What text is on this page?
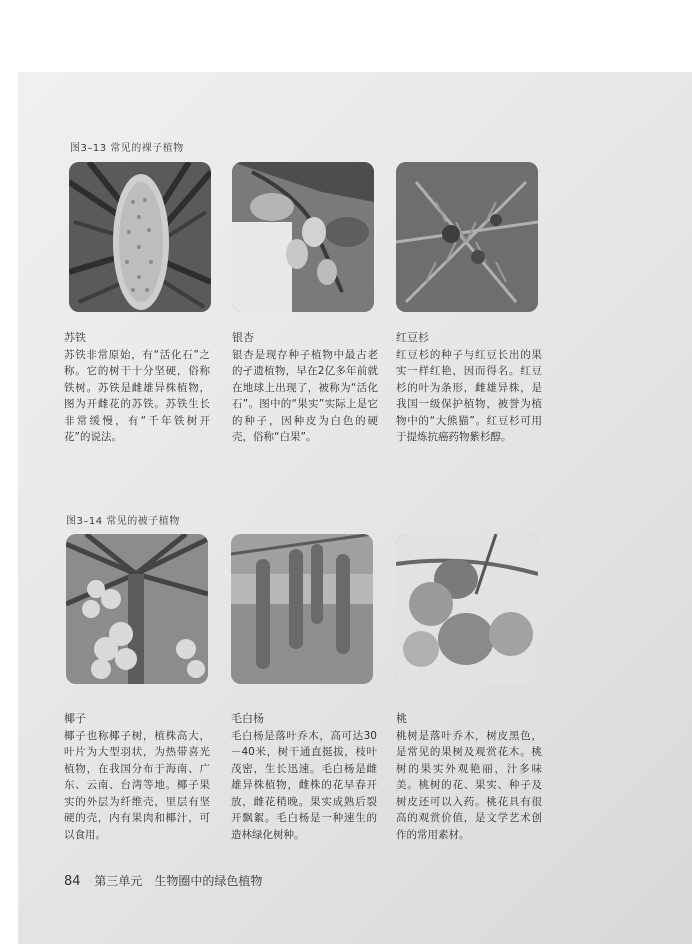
图3–13 常见的裸子植物
苏铁
苏铁非常原始，有“活化石”之称。它的树干十分坚硬，俗称铁树。苏铁是雌雄异株植物，图为开雌花的苏铁。苏铁生长非常缓慢，有“千年铁树开花”的说法。
银杏
银杏是现存种子植物中最古老的孑遗植物，早在2亿多年前就在地球上出现了，被称为“活化石”。图中的“果实”实际上是它的种子，因种皮为白色的硬壳，俗称“白果”。
红豆杉
红豆杉的种子与红豆长出的果实一样红艳，因而得名。红豆杉的叶为条形，雌雄异株，是我国一级保护植物，被誉为植物中的“大熊猫”。红豆杉可用于提炼抗癌药物紫杉醇。
图3–14 常见的被子植物
椰子
椰子也称椰子树，植株高大，叶片为大型羽状，为热带喜光植物，在我国分布于海南、广东、云南、台湾等地。椰子果实的外层为纤维壳，里层有坚硬的壳，内有果肉和椰汁，可以食用。
毛白杨
毛白杨是落叶乔木，高可达30－40米，树干通直挺拔，枝叶茂密，生长迅速。毛白杨是雌雄异株植物，雌株的花早春开放，雌花稍晚。果实成熟后裂开飘絮。毛白杨是一种速生的造林绿化树种。
桃
桃树是落叶乔木，树皮黑色，是常见的果树及观赏花木。桃树的果实外观艳丽，汁多味美。桃树的花、果实、种子及树皮还可以入药。桃花具有很高的观赏价值，是文学艺术创作的常用素材。
84 第三单元　生物圈中的绿色植物
